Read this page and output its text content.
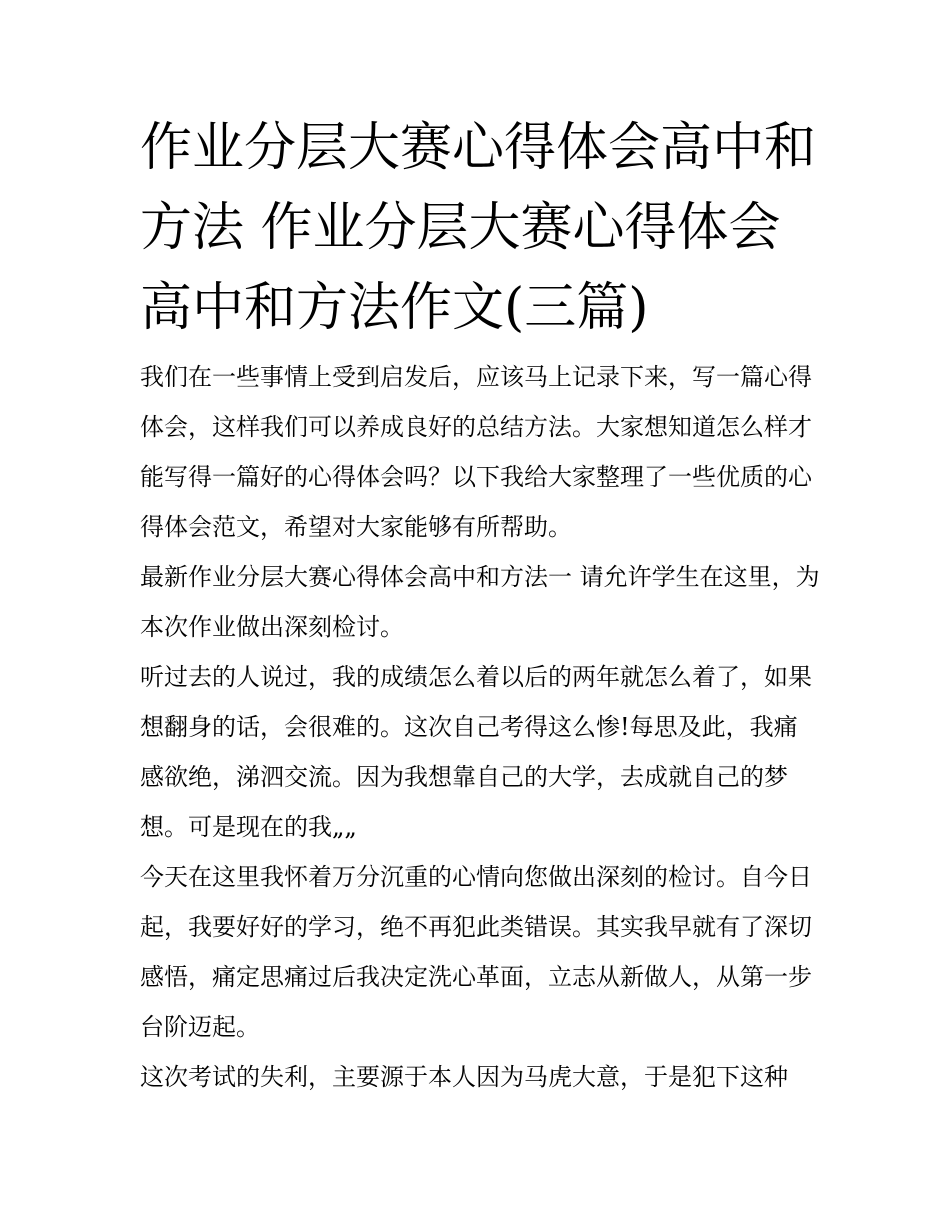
作业分层大赛心得体会高中和方法 作业分层大赛心得体会高中和方法作文(三篇)

我们在一些事情上受到启发后，应该马上记录下来，写一篇心得体会，这样我们可以养成良好的总结方法。大家想知道怎么样才能写得一篇好的心得体会吗？以下我给大家整理了一些优质的心得体会范文，希望对大家能够有所帮助。

最新作业分层大赛心得体会高中和方法一 请允许学生在这里，为本次作业做出深刻检讨。

听过去的人说过，我的成绩怎么着以后的两年就怎么着了，如果想翻身的话，会很难的。这次自己考得这么惨!每思及此，我痛感欲绝，涕泗交流。因为我想靠自己的大学，去成就自己的梦想。可是现在的我„„

今天在这里我怀着万分沉重的心情向您做出深刻的检讨。自今日起，我要好好的学习，绝不再犯此类错误。其实我早就有了深切感悟，痛定思痛过后我决定洗心革面，立志从新做人，从第一步台阶迈起。

这次考试的失利，主要源于本人因为马虎大意，于是犯下这种
